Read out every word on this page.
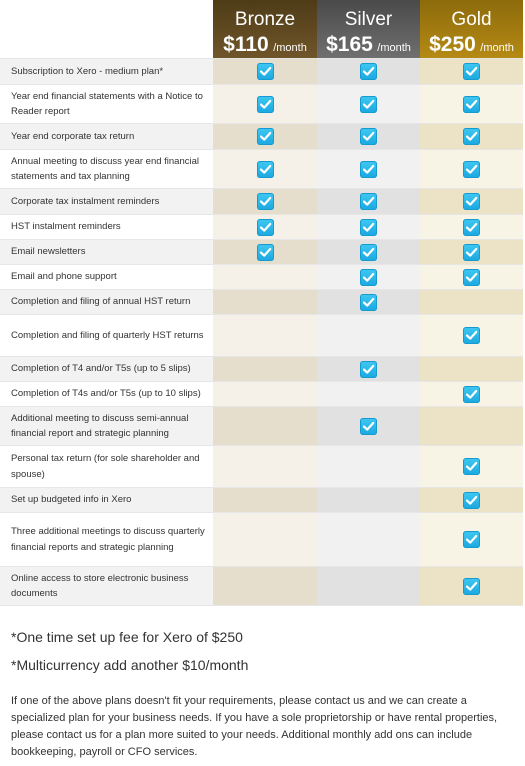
Bronze
$110 /month
Silver
$165 /month
Gold
$250 /month
Subscription to Xero - medium plan*
Year end financial statements with a Notice to Reader report
Year end corporate tax return
Annual meeting to discuss year end financial statements and tax planning
Corporate tax instalment reminders
HST instalment reminders
Email newsletters
Email and phone support
Completion and filing of annual HST return
Completion and filing of quarterly HST returns
Completion of T4 and/or T5s (up to 5 slips)
Completion of T4s and/or T5s (up to 10 slips)
Additional meeting to discuss semi-annual financial report and strategic planning
Personal tax return (for sole shareholder and spouse)
Set up budgeted info in Xero
Three additional meetings to discuss quarterly financial reports and strategic planning
Online access to store electronic business documents
*One time set up fee for Xero of $250
*Multicurrency add another $10/month
If one of the above plans doesn't fit your requirements, please contact us and we can create a specialized plan for your business needs. If you have a sole proprietorship or have rental properties, please contact us for a plan more suited to your needs. Additional monthly add ons can include bookkeeping, payroll or CFO services.
